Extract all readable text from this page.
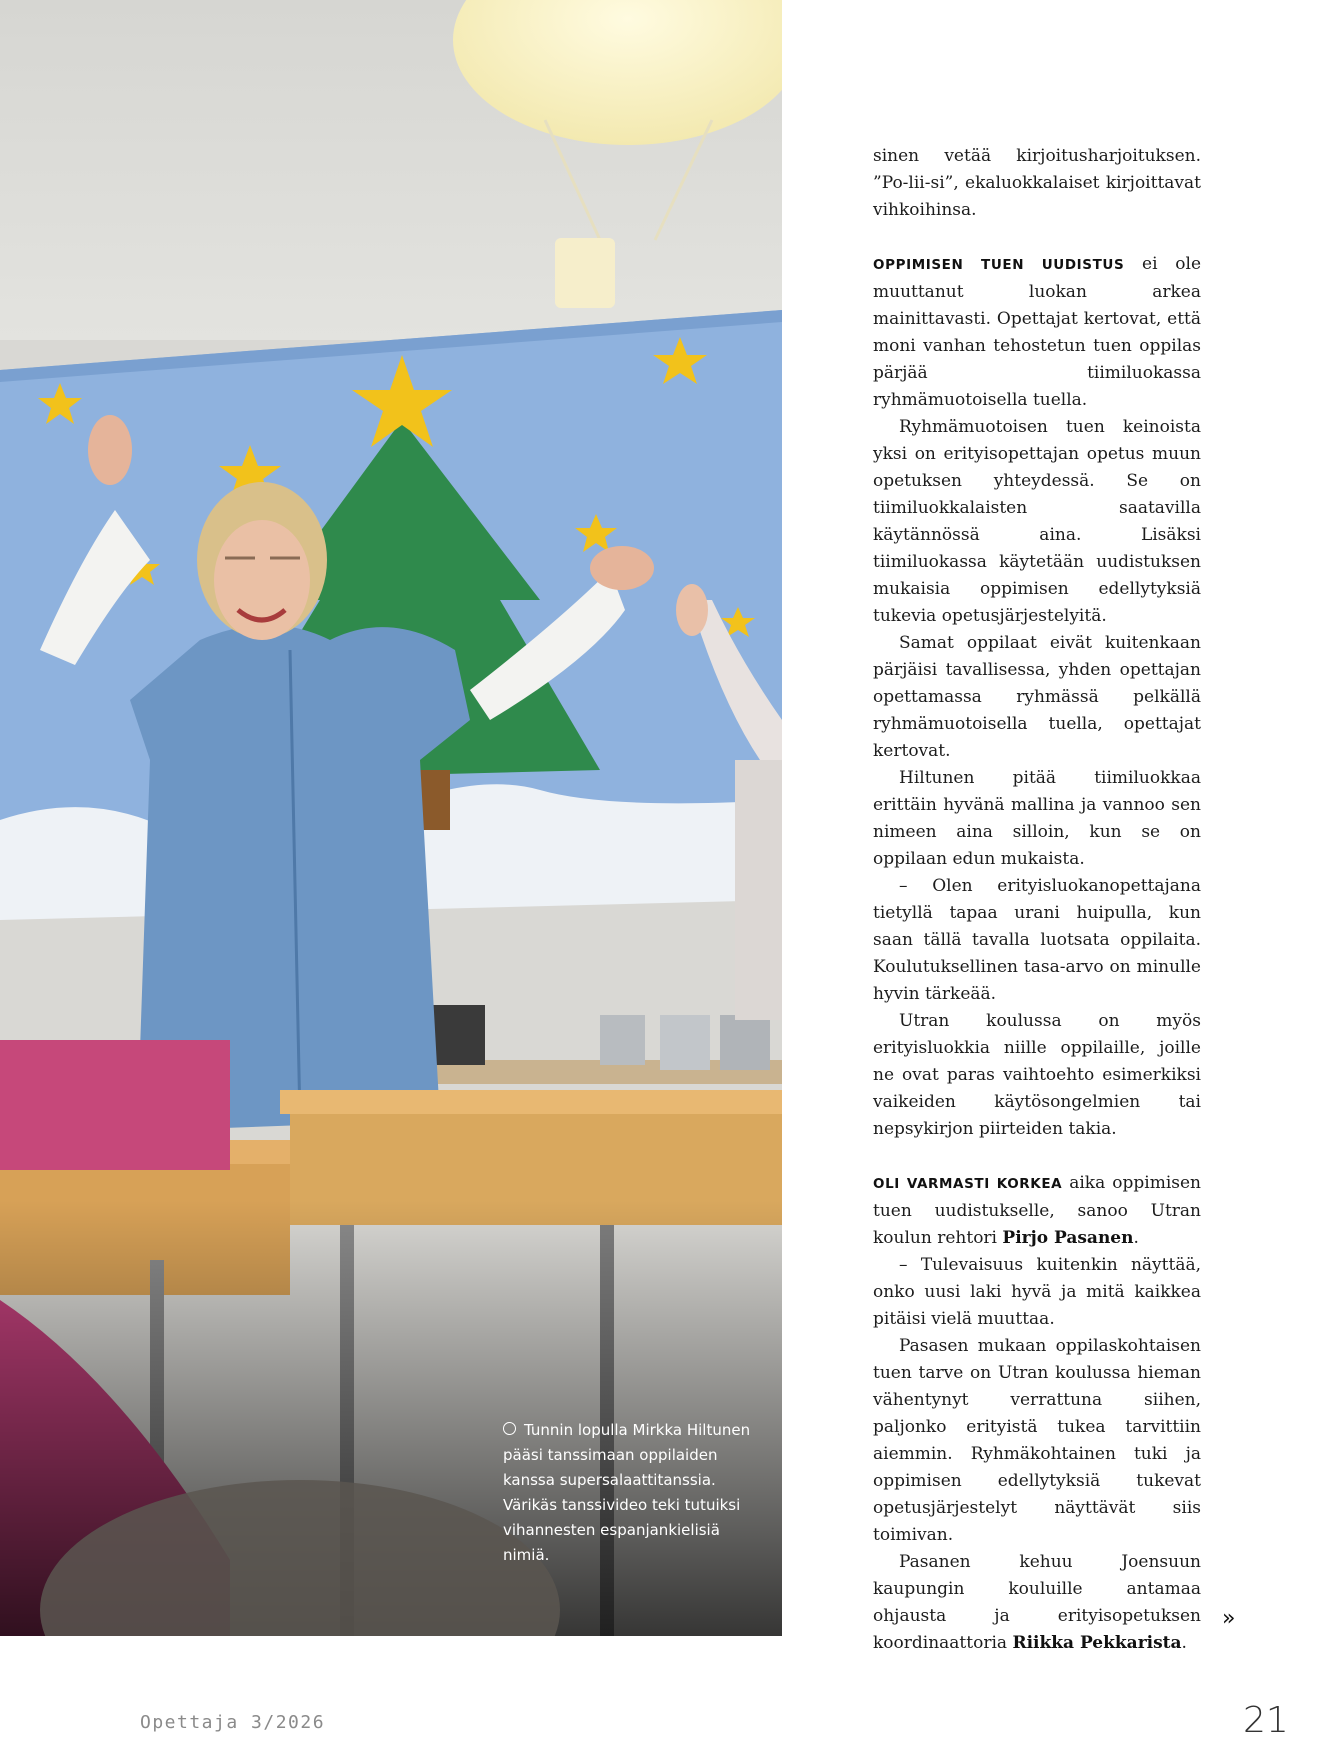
Tunnin lopulla Mirkka Hiltunen pääsi tanssimaan oppilaiden kanssa supersalaattitanssia. Värikäs tanssivideo teki tutuiksi vihannesten espanjankielisiä nimiä.

sinen vetää kirjoitusharjoituksen. ”Po-lii-si”, ekaluokkalaiset kirjoittavat vihkoihinsa.

OPPIMISEN TUEN UUDISTUS ei ole muuttanut luokan arkea mainittavasti. Opettajat kertovat, että moni vanhan tehostetun tuen oppilas pärjää tiimiluokassa ryhmämuotoisella tuella.

Ryhmämuotoisen tuen keinoista yksi on erityisopettajan opetus muun opetuksen yhteydessä. Se on tiimiluokkalaisten saatavilla käytännössä aina. Lisäksi tiimiluokassa käytetään uudistuksen mukaisia oppimisen edellytyksiä tukevia opetusjärjestelyitä.

Samat oppilaat eivät kuitenkaan pärjäisi tavallisessa, yhden opettajan opettamassa ryhmässä pelkällä ryhmämuotoisella tuella, opettajat kertovat.

Hiltunen pitää tiimiluokkaa erittäin hyvänä mallina ja vannoo sen nimeen aina silloin, kun se on oppilaan edun mukaista.

– Olen erityisluokanopettajana tietyllä tapaa urani huipulla, kun saan tällä tavalla luotsata oppilaita. Koulutuksellinen tasa-arvo on minulle hyvin tärkeää.

Utran koulussa on myös erityisluokkia niille oppilaille, joille ne ovat paras vaihtoehto esimerkiksi vaikeiden käytösongelmien tai nepsykirjon piirteiden takia.

OLI VARMASTI KORKEA aika oppimisen tuen uudistukselle, sanoo Utran koulun rehtori Pirjo Pasanen.

– Tulevaisuus kuitenkin näyttää, onko uusi laki hyvä ja mitä kaikkea pitäisi vielä muuttaa.

Pasasen mukaan oppilaskohtaisen tuen tarve on Utran koulussa hieman vähentynyt verrattuna siihen, paljonko erityistä tukea tarvittiin aiemmin. Ryhmäkohtainen tuki ja oppimisen edellytyksiä tukevat opetusjärjestelyt näyttävät siis toimivan.

Pasanen kehuu Joensuun kaupungin kouluille antamaa ohjausta ja erityisopetuksen koordinaattoria Riikka Pekkarista.

»
Opettaja 3/2026	21
